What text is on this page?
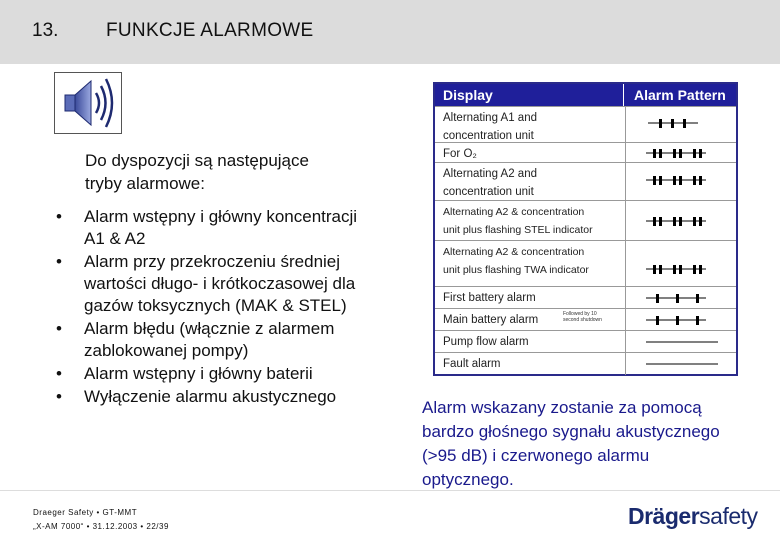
13.	FUNKCJE ALARMOWE
Do dyspozycji są następujące
tryby alarmowe:
• Alarm wstępny i główny koncentracji
A1 & A2
• Alarm przy przekroczeniu średniej
wartości długo- i krótkoczasowej dla
gazów toksycznych (MAK & STEL)
• Alarm błędu (włącznie z alarmem
zablokowanej pompy)
• Alarm wstępny i główny baterii
• Wyłączenie alarmu akustycznego
Display	Alarm Pattern
Alternating A1 and
concentration unit
For O₂
Alternating A2 and
concentration unit
Alternating A2 & concentration
unit plus flashing STEL indicator
Alternating A2 & concentration
unit plus flashing TWA indicator
First battery alarm
Main battery alarm	Followed by 10
second shutdown
Pump flow alarm
Fault alarm
Alarm wskazany zostanie za pomocą
bardzo głośnego sygnału akustycznego
(>95 dB) i czerwonego alarmu
optycznego.
Draeger Safety • GT-MMT
„X-AM 7000“ • 31.12.2003 • 22/39	Drägersafety
